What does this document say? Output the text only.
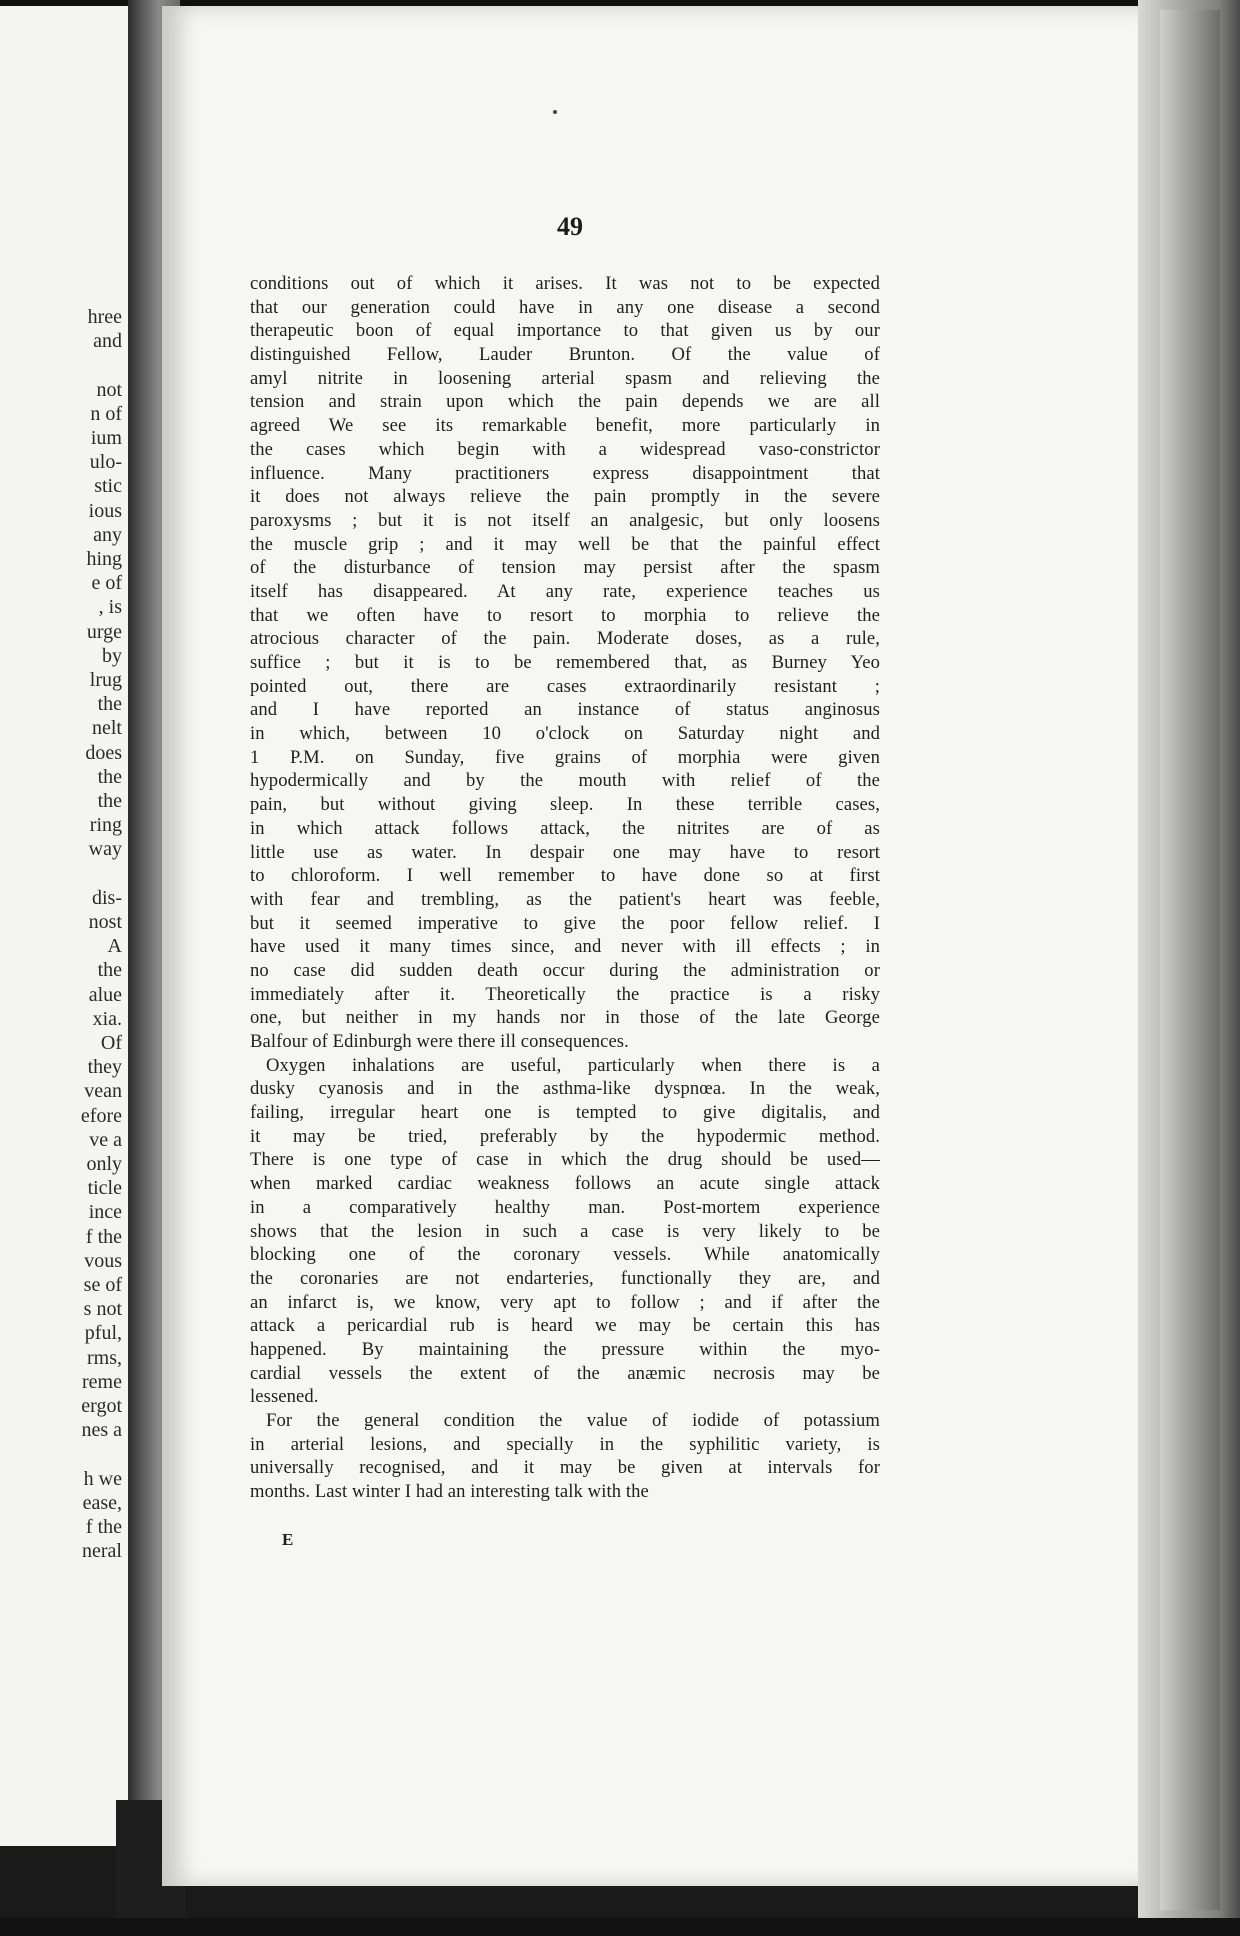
hree
and
not
n of
ium
ulo-
stic
ious
any
hing
e of
, is
urge
by
lrug
the
nelt
does
the
the
ring
way
dis-
nost
A
the
alue
xia.
Of
they
vean
efore
ve a
only
ticle
ince
f the
vous
se of
s not
pful,
rms,
reme
ergot
nes a
h we
ease,
f the
neral
49
conditions out of which it arises. It was not to be expected
that our generation could have in any one disease a second
therapeutic boon of equal importance to that given us by our
distinguished Fellow, Lauder Brunton. Of the value of
amyl nitrite in loosening arterial spasm and relieving the
tension and strain upon which the pain depends we are all
agreed We see its remarkable benefit, more particularly in
the cases which begin with a widespread vaso-constrictor
influence. Many practitioners express disappointment that
it does not always relieve the pain promptly in the severe
paroxysms ; but it is not itself an analgesic, but only loosens
the muscle grip ; and it may well be that the painful effect
of the disturbance of tension may persist after the spasm
itself has disappeared. At any rate, experience teaches us
that we often have to resort to morphia to relieve the
atrocious character of the pain. Moderate doses, as a rule,
suffice ; but it is to be remembered that, as Burney Yeo
pointed out, there are cases extraordinarily resistant ;
and I have reported an instance of status anginosus
in which, between 10 o'clock on Saturday night and
1 P.M. on Sunday, five grains of morphia were given
hypodermically and by the mouth with relief of the
pain, but without giving sleep. In these terrible cases,
in which attack follows attack, the nitrites are of as
little use as water. In despair one may have to resort
to chloroform. I well remember to have done so at first
with fear and trembling, as the patient's heart was feeble,
but it seemed imperative to give the poor fellow relief. I
have used it many times since, and never with ill effects ; in
no case did sudden death occur during the administration or
immediately after it. Theoretically the practice is a risky
one, but neither in my hands nor in those of the late George
Balfour of Edinburgh were there ill consequences.
Oxygen inhalations are useful, particularly when there is a
dusky cyanosis and in the asthma-like dyspnœa. In the weak,
failing, irregular heart one is tempted to give digitalis, and
it may be tried, preferably by the hypodermic method.
There is one type of case in which the drug should be used—
when marked cardiac weakness follows an acute single attack
in a comparatively healthy man. Post-mortem experience
shows that the lesion in such a case is very likely to be
blocking one of the coronary vessels. While anatomically
the coronaries are not endarteries, functionally they are, and
an infarct is, we know, very apt to follow ; and if after the
attack a pericardial rub is heard we may be certain this has
happened. By maintaining the pressure within the myo-
cardial vessels the extent of the anæmic necrosis may be
lessened.
For the general condition the value of iodide of potassium
in arterial lesions, and specially in the syphilitic variety, is
universally recognised, and it may be given at intervals for
months. Last winter I had an interesting talk with the
E
